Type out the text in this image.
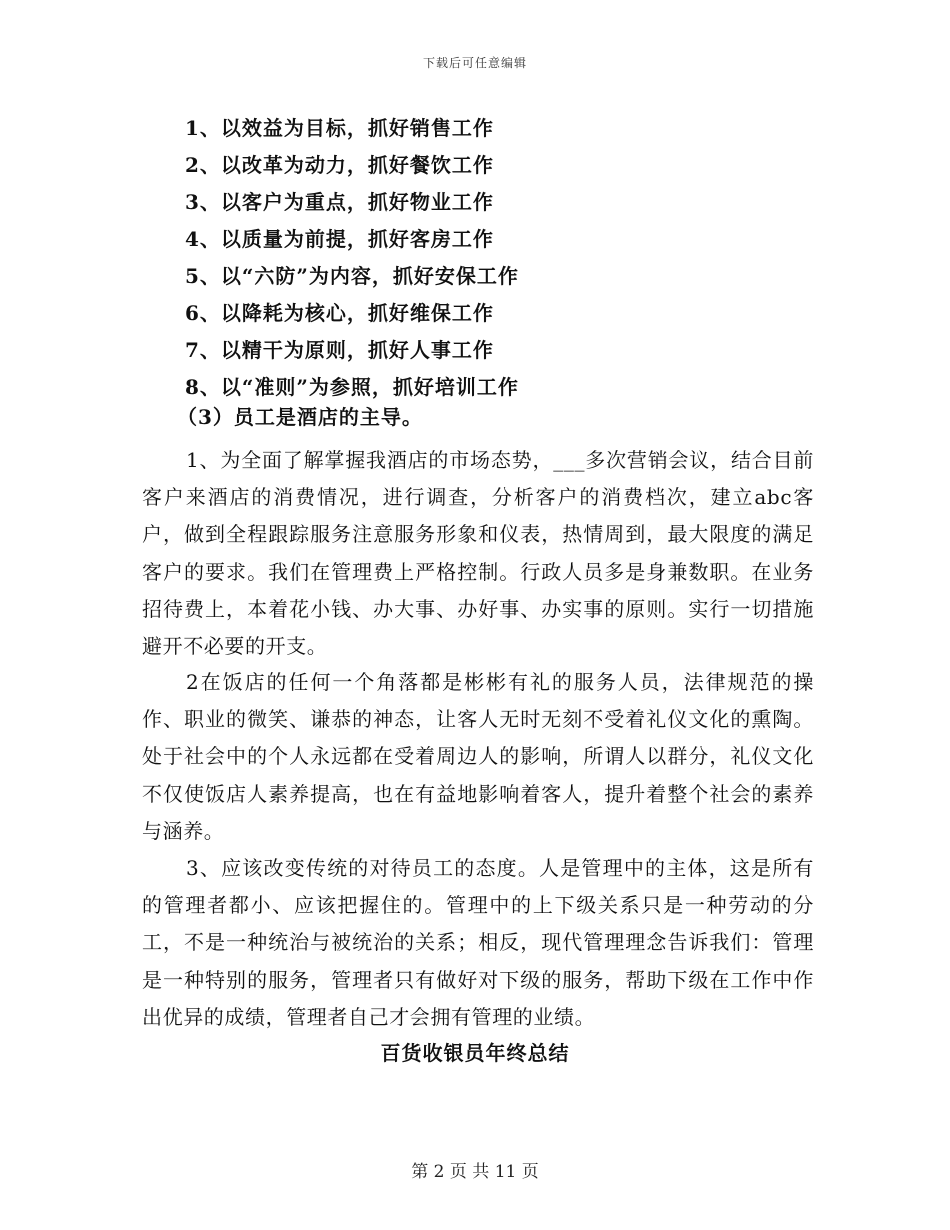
下载后可任意编辑
1、以效益为目标，抓好销售工作
2、以改革为动力，抓好餐饮工作
3、以客户为重点，抓好物业工作
4、以质量为前提，抓好客房工作
5、以“六防”为内容，抓好安保工作
6、以降耗为核心，抓好维保工作
7、以精干为原则，抓好人事工作
8、以“准则”为参照，抓好培训工作
（3）员工是酒店的主导。

1、为全面了解掌握我酒店的市场态势，___多次营销会议，结合目前客户来酒店的消费情况，进行调查，分析客户的消费档次，建立abc客户，做到全程跟踪服务注意服务形象和仪表，热情周到，最大限度的满足客户的要求。我们在管理费上严格控制。行政人员多是身兼数职。在业务招待费上，本着花小钱、办大事、办好事、办实事的原则。实行一切措施避开不必要的开支。

2在饭店的任何一个角落都是彬彬有礼的服务人员，法律规范的操作、职业的微笑、谦恭的神态，让客人无时无刻不受着礼仪文化的熏陶。处于社会中的个人永远都在受着周边人的影响，所谓人以群分，礼仪文化不仅使饭店人素养提高，也在有益地影响着客人，提升着整个社会的素养与涵养。

3、应该改变传统的对待员工的态度。人是管理中的主体，这是所有的管理者都小、应该把握住的。管理中的上下级关系只是一种劳动的分工，不是一种统治与被统治的关系；相反，现代管理理念告诉我们：管理是一种特别的服务，管理者只有做好对下级的服务，帮助下级在工作中作出优异的成绩，管理者自己才会拥有管理的业绩。

百货收银员年终总结
第 2 页 共 11 页
